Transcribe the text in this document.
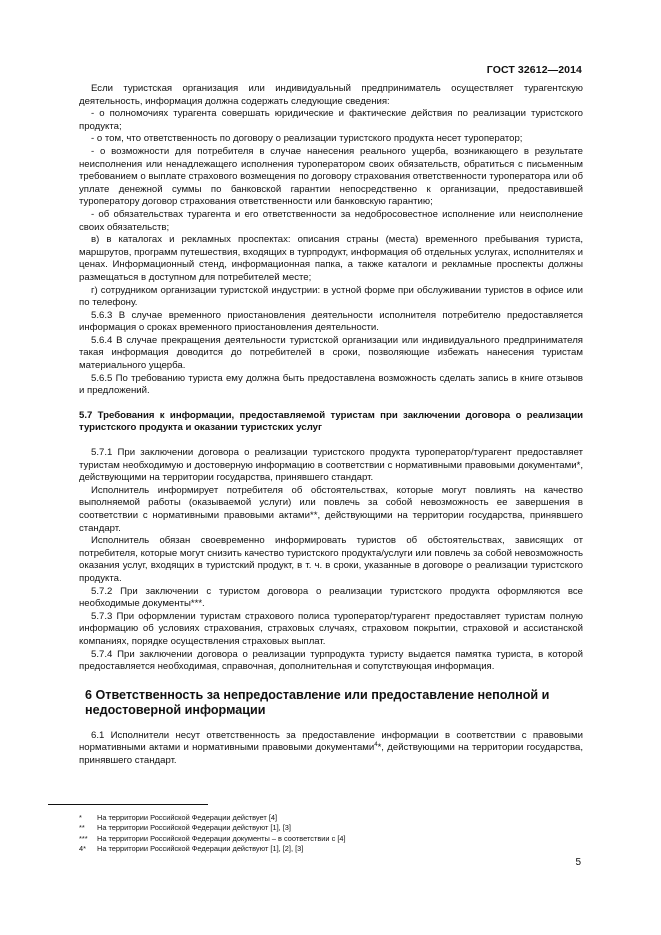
ГОСТ 32612—2014

Если туристская организация или индивидуальный предприниматель осуществляет турагентскую деятельность, информация должна содержать следующие сведения:

- о полномочиях турагента совершать юридические и фактические действия по реализации туристского продукта;

- о том, что ответственность по договору о реализации туристского продукта несет туроператор;

- о возможности для потребителя в случае нанесения реального ущерба, возникающего в результате неисполнения или ненадлежащего исполнения туроператором своих обязательств, обратиться с письменным требованием о выплате страхового возмещения по договору страхования ответственности туроператора или об уплате денежной суммы по банковской гарантии непосредственно к организации, предоставившей туроператору договор страхования ответственности или банковскую гарантию;

- об обязательствах турагента и его ответственности за недобросовестное исполнение или неисполнение своих обязательств;

в) в каталогах и рекламных проспектах: описания страны (места) временного пребывания туриста, маршрутов, программ путешествия, входящих в турпродукт, информация об отдельных услугах, исполнителях и ценах. Информационный стенд, информационная папка, а также каталоги и рекламные проспекты должны размещаться в доступном для потребителей месте;

г) сотрудником организации туристской индустрии: в устной форме при обслуживании туристов в офисе или по телефону.

5.6.3 В случае временного приостановления деятельности исполнителя потребителю предоставляется информация о сроках временного приостановления деятельности.

5.6.4 В случае прекращения деятельности туристской организации или индивидуального предпринимателя такая информация доводится до потребителей в сроки, позволяющие избежать нанесения туристам материального ущерба.

5.6.5 По требованию туриста ему должна быть предоставлена возможность сделать запись в книге отзывов и предложений.

5.7 Требования к информации, предоставляемой туристам при заключении договора о реализации туристского продукта и оказании туристских услуг

5.7.1 При заключении договора о реализации туристского продукта туроператор/турагент предоставляет туристам необходимую и достоверную информацию в соответствии с нормативными правовыми документами*, действующими на территории государства, принявшего стандарт.

Исполнитель информирует потребителя об обстоятельствах, которые могут повлиять на качество выполняемой работы (оказываемой услуги) или повлечь за собой невозможность ее завершения в соответствии с нормативными правовыми актами**, действующими на территории государства, принявшего стандарт.

Исполнитель обязан своевременно информировать туристов об обстоятельствах, зависящих от потребителя, которые могут снизить качество туристского продукта/услуги или повлечь за собой невозможность оказания услуг, входящих в туристский продукт, в т. ч. в сроки, указанные в договоре о реализации туристского продукта.

5.7.2 При заключении с туристом договора о реализации туристского продукта оформляются все необходимые документы***.

5.7.3 При оформлении туристам страхового полиса туроператор/турагент предоставляет туристам полную информацию об условиях страхования, страховых случаях, страховом покрытии, страховой и ассистанской компаниях, порядке осуществления страховых выплат.

5.7.4 При заключении договора о реализации турпродукта туристу выдается памятка туриста, в которой предоставляется необходимая, справочная, дополнительная и сопутствующая информация.

6 Ответственность за непредоставление или предоставление неполной и недостоверной информации

6.1 Исполнители несут ответственность за предоставление информации в соответствии с правовыми нормативными актами и нормативными правовыми документами$^4$*, действующими на территории государства, принявшего стандарт.

*	На территории Российской Федерации действует [4]
**	На территории Российской Федерации действуют [1], [3]
***	На территории Российской Федерации документы – в соответствии с [4]
4*	На территории Российской Федерации действуют [1], [2], [3]
5
